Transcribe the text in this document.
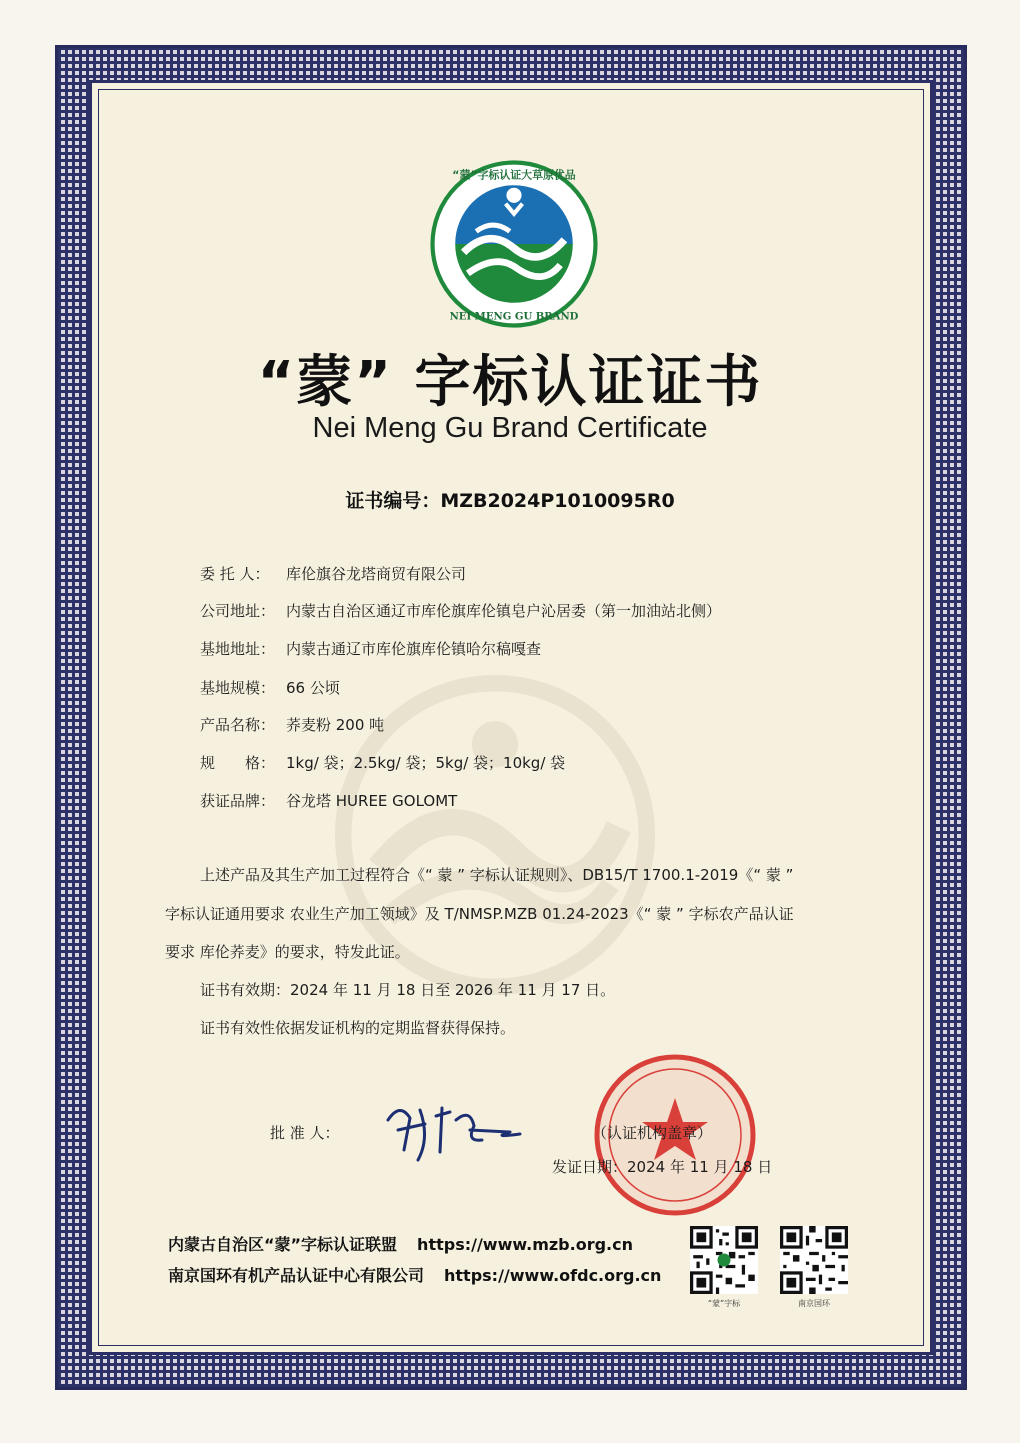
“蒙”字标认证大草原优品
NEI MENG GU BRAND
“蒙” 字标认证证书
Nei Meng Gu Brand Certificate
证书编号：MZB2024P1010095R0
委 托 人： 库伦旗谷龙塔商贸有限公司
公司地址： 内蒙古自治区通辽市库伦旗库伦镇皂户沁居委（第一加油站北侧）
基地地址： 内蒙古通辽市库伦旗库伦镇哈尔稿嘎查
基地规模： 66 公顷
产品名称： 荞麦粉 200 吨
规　　格： 1kg/ 袋；2.5kg/ 袋；5kg/ 袋；10kg/ 袋
获证品牌： 谷龙塔 HUREE GOLOMT
上述产品及其生产加工过程符合《“ 蒙 ” 字标认证规则》、DB15/T 1700.1-2019《“ 蒙 ”
字标认证通用要求 农业生产加工领域》及 T/NMSP.MZB 01.24-2023《“ 蒙 ” 字标农产品认证
要求 库伦荞麦》的要求，特发此证。
证书有效期：2024 年 11 月 18 日至 2026 年 11 月 17 日。
证书有效性依据发证机构的定期监督获得保持。
批 准 人：	（认证机构盖章）
发证日期：2024 年 11 月 18 日
内蒙古自治区“蒙”字标认证联盟 https://www.mzb.org.cn
南京国环有机产品认证中心有限公司 https://www.ofdc.org.cn
“蒙”字标	南京国环
